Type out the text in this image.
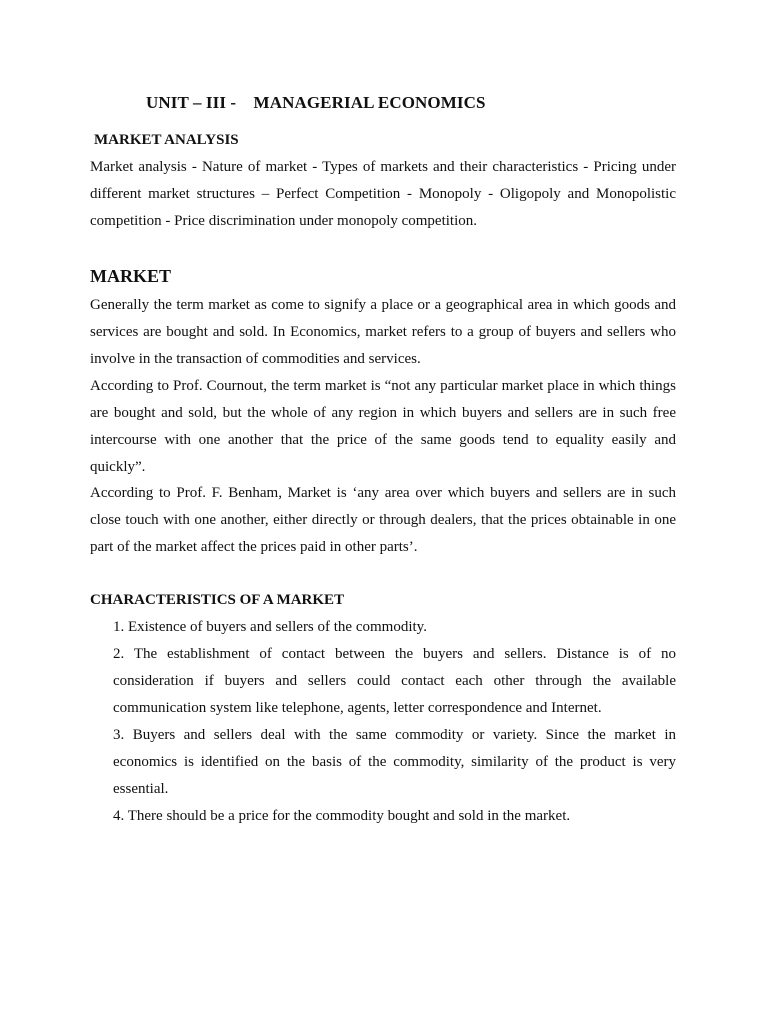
UNIT – III -    MANAGERIAL ECONOMICS
MARKET ANALYSIS

Market analysis - Nature of market - Types of markets and their characteristics - Pricing under different market structures – Perfect Competition - Monopoly - Oligopoly and Monopolistic competition - Price discrimination under monopoly competition.

MARKET

Generally the term market as come to signify a place or a geographical area in which goods and services are bought and sold. In Economics, market refers to a group of buyers and sellers who involve in the transaction of commodities and services.

According to Prof. Cournout, the term market is “not any particular market place in which things are bought and sold, but the whole of any region in which buyers and sellers are in such free intercourse with one another that the price of the same goods tend to equality easily and quickly”.

According to Prof. F. Benham, Market is ‘any area over which buyers and sellers are in such close touch with one another, either directly or through dealers, that the prices obtainable in one part of the market affect the prices paid in other parts’.

CHARACTERISTICS OF A MARKET
1. Existence of buyers and sellers of the commodity.
2. The establishment of contact between the buyers and sellers. Distance is of no consideration if buyers and sellers could contact each other through the available communication system like telephone, agents, letter correspondence and Internet.
3. Buyers and sellers deal with the same commodity or variety. Since the market in economics is identified on the basis of the commodity, similarity of the product is very essential.
4. There should be a price for the commodity bought and sold in the market.
